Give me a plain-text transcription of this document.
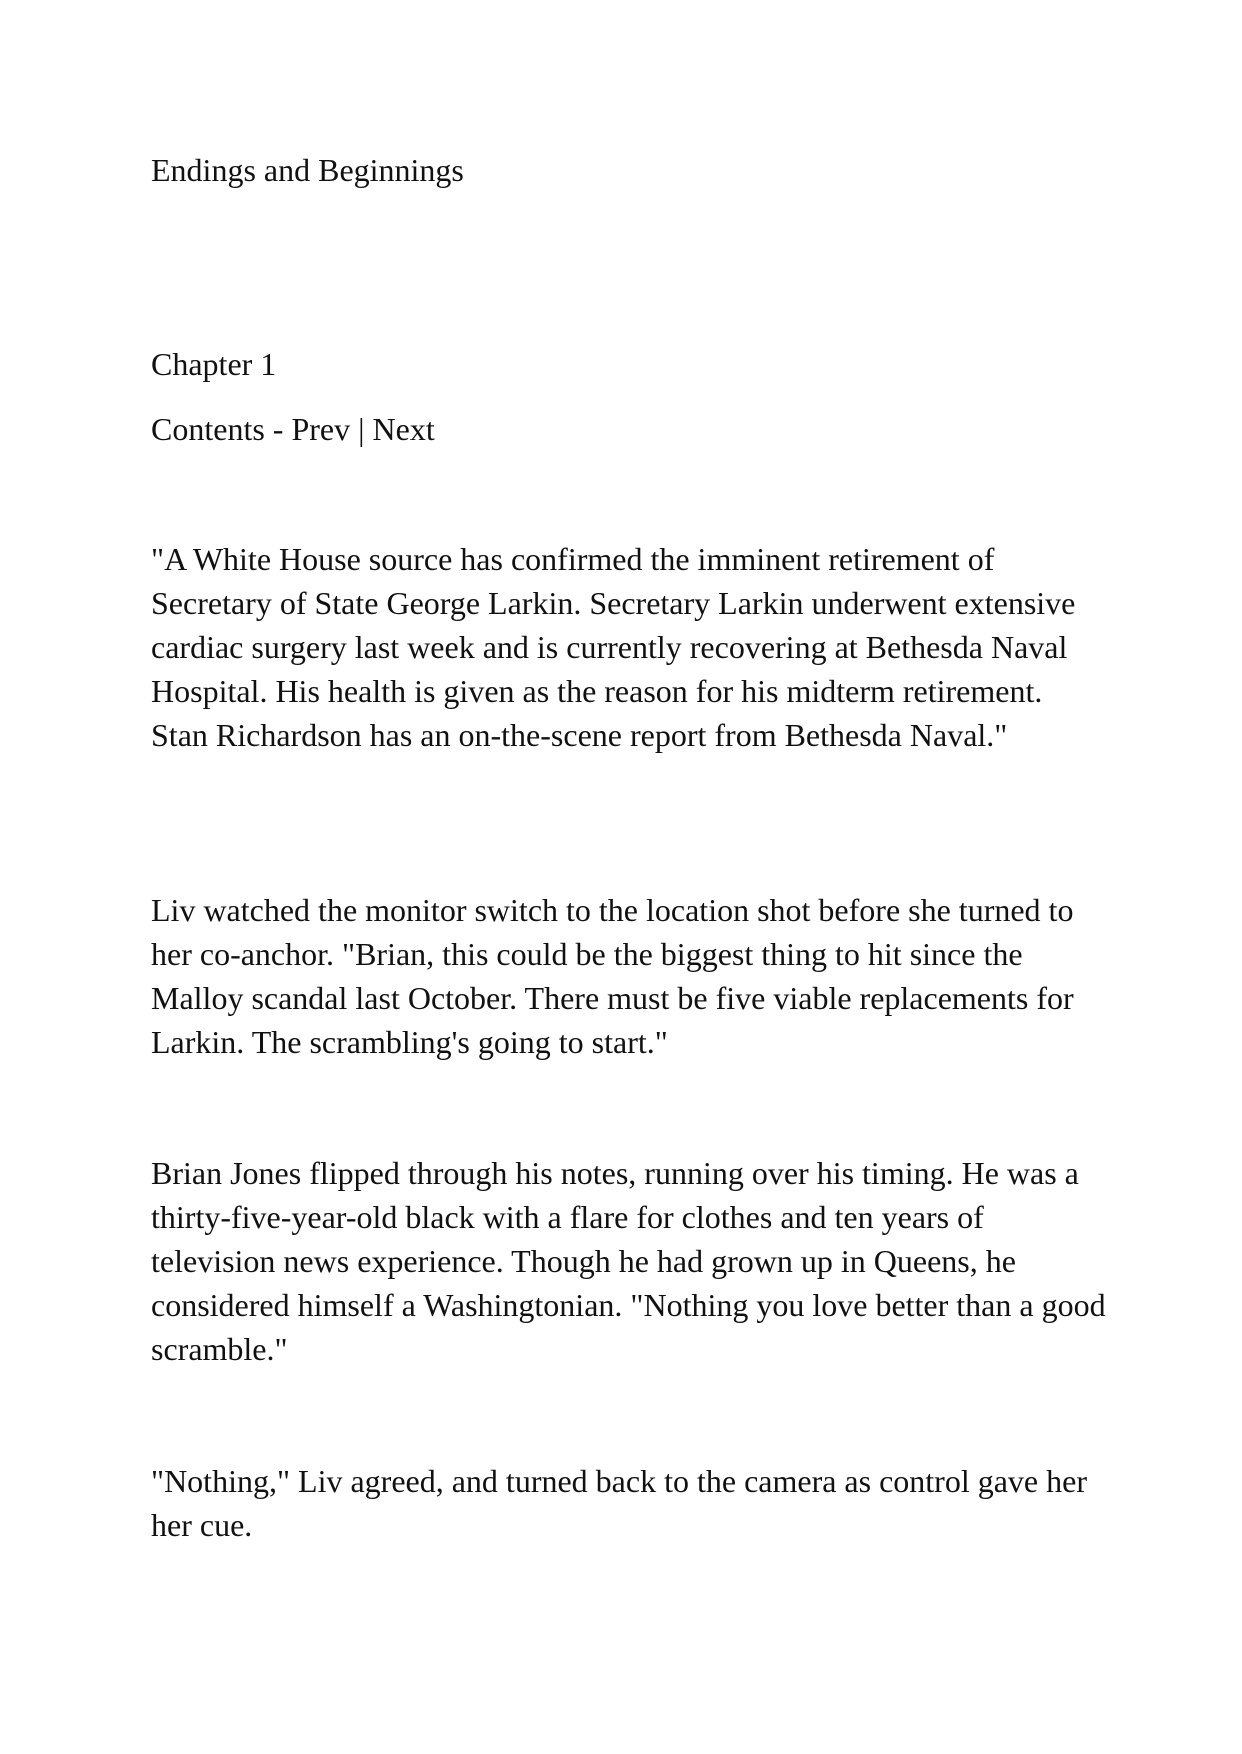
Endings and Beginnings

Chapter 1

Contents - Prev | Next

"A White House source has confirmed the imminent retirement of Secretary of State George Larkin. Secretary Larkin underwent extensive cardiac surgery last week and is currently recovering at Bethesda Naval Hospital. His health is given as the reason for his midterm retirement. Stan Richardson has an on-the-scene report from Bethesda Naval."

Liv watched the monitor switch to the location shot before she turned to her co-anchor. "Brian, this could be the biggest thing to hit since the Malloy scandal last October. There must be five viable replacements for Larkin. The scrambling's going to start."

Brian Jones flipped through his notes, running over his timing. He was a thirty-five-year-old black with a flare for clothes and ten years of television news experience. Though he had grown up in Queens, he considered himself a Washingtonian. "Nothing you love better than a good scramble."

"Nothing," Liv agreed, and turned back to the camera as control gave her her cue.
